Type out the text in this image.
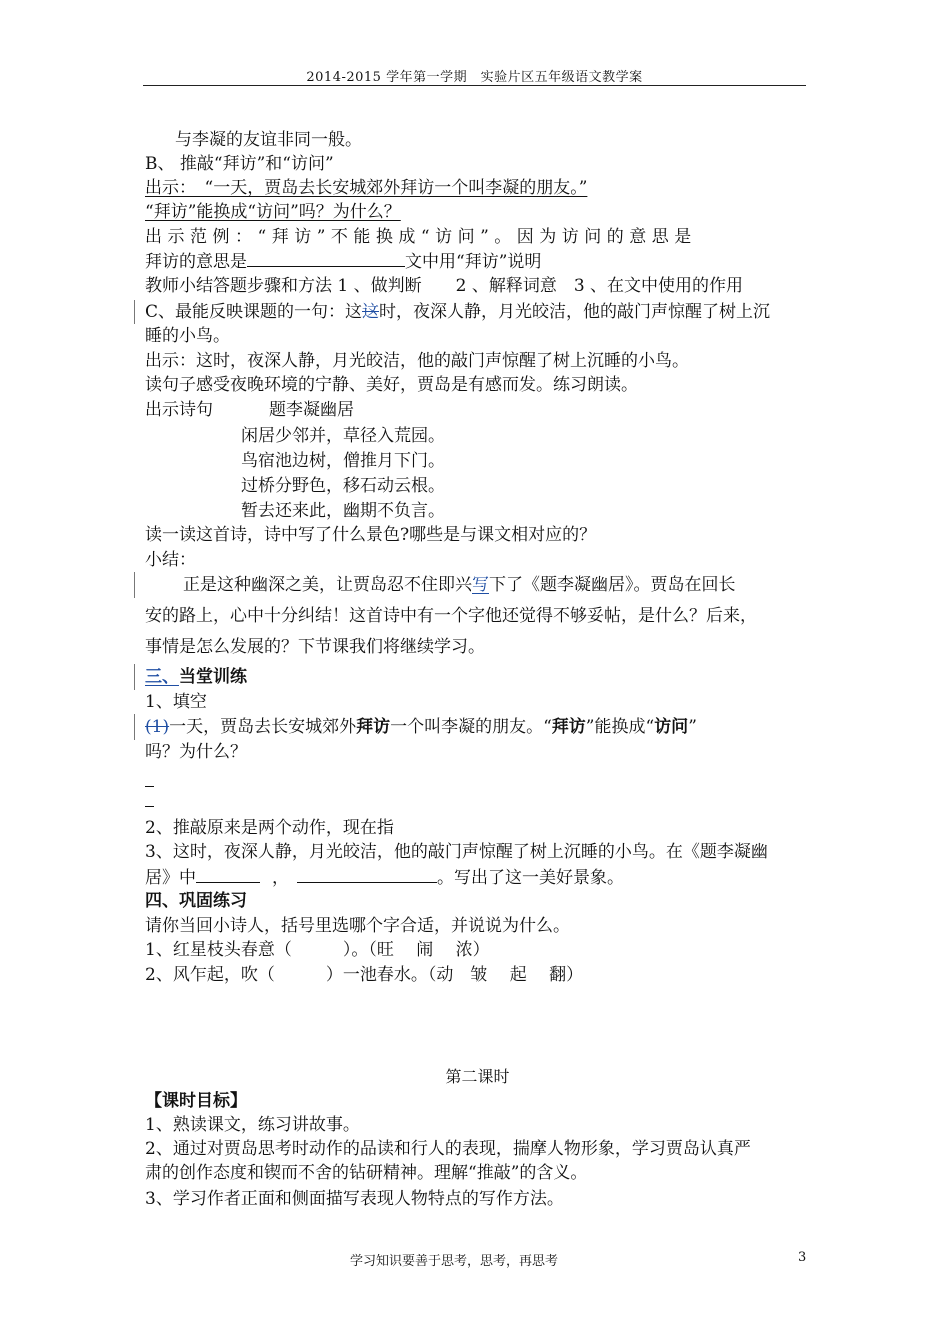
2014-2015 学年第一学期　实验片区五年级语文教学案
与李凝的友谊非同一般。
B、 推敲“拜访”和“访问”
出示：　“一天，贾岛去长安城郊外拜访一个叫李凝的朋友。”
“拜访”能换成“访问”吗？为什么？
出示范例：“拜访”不能换成“访问”。因为访问的意思是
拜访的意思是	文中用“拜访”说明
教师小结答题步骤和方法 1 、做判断　　2 、解释词意　3 、在文中使用的作用
C、最能反映课题的一句：这这时，夜深人静，月光皎洁，他的敲门声惊醒了树上沉
睡的小鸟。
出示：这时，夜深人静，月光皎洁，他的敲门声惊醒了树上沉睡的小鸟。
读句子感受夜晚环境的宁静、美好，贾岛是有感而发。练习朗读。
出示诗句	题李凝幽居
闲居少邻并，草径入荒园。
鸟宿池边树，僧推月下门。
过桥分野色，移石动云根。
暂去还来此，幽期不负言。
读一读这首诗，诗中写了什么景色?哪些是与课文相对应的？
小结：
正是这种幽深之美，让贾岛忍不住即兴写下了《题李凝幽居》。贾岛在回长
安的路上，心中十分纠结！这首诗中有一个字他还觉得不够妥帖，是什么？后来，
事情是怎么发展的？下节课我们将继续学习。
三、当堂训练
1、填空
(1)一天，贾岛去长安城郊外拜访一个叫李凝的朋友。“拜访”能换成“访问”
吗？为什么？
2、推敲原来是两个动作，现在指
3、这时，夜深人静，月光皎洁，他的敲门声惊醒了树上沉睡的小鸟。在《题李凝幽
居》中	，	。写出了这一美好景象。
四、巩固练习
请你当回小诗人，括号里选哪个字合适，并说说为什么。
1、红星枝头春意（　　　）。（旺　 闹　 浓）
2、风乍起，吹（　　　）一池春水。（动　皱　 起　 翻）
第二课时
【课时目标】
1、熟读课文，练习讲故事。
2、通过对贾岛思考时动作的品读和行人的表现，揣摩人物形象，学习贾岛认真严
肃的创作态度和锲而不舍的钻研精神。理解“推敲”的含义。
3、学习作者正面和侧面描写表现人物特点的写作方法。
学习知识要善于思考，思考，再思考	3
